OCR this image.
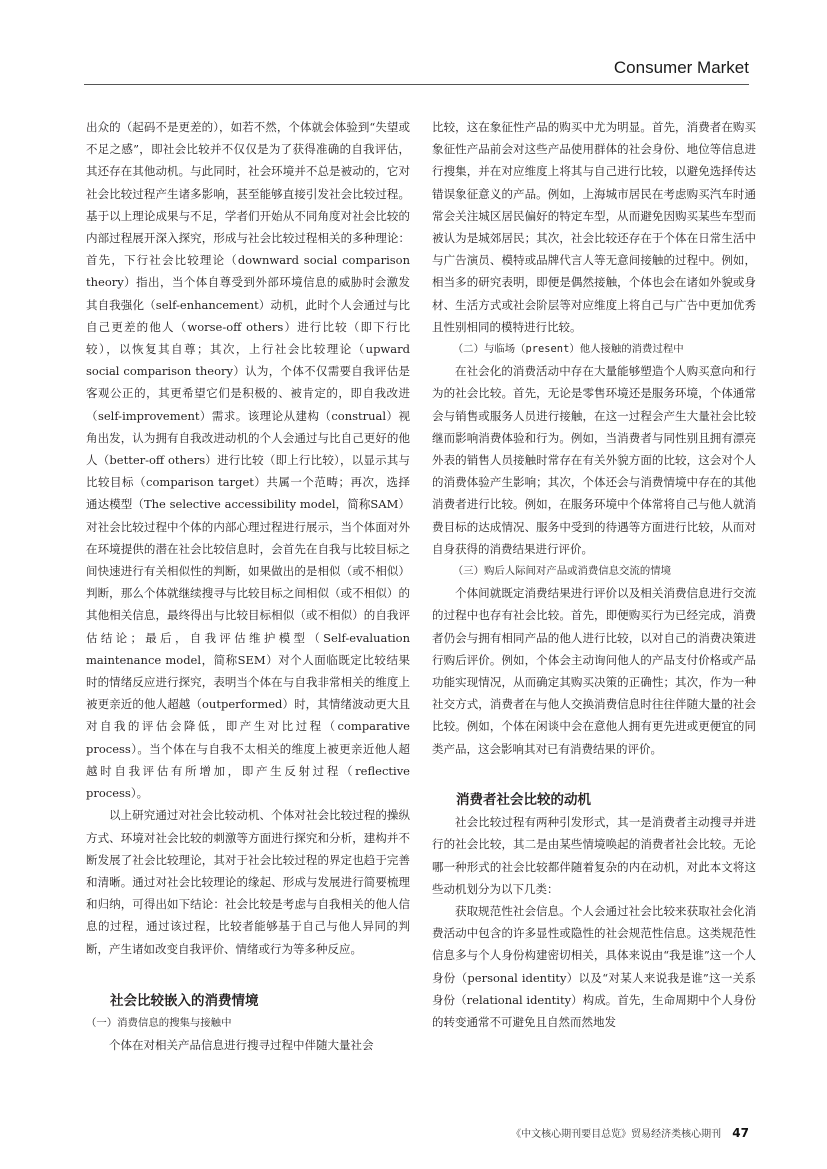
Consumer Market

出众的（起码不是更差的），如若不然，个体就会体验到“失望或不足之感”，即社会比较并不仅仅是为了获得准确的自我评估，其还存在其他动机。与此同时，社会环境并不总是被动的，它对社会比较过程产生诸多影响，甚至能够直接引发社会比较过程。基于以上理论成果与不足，学者们开始从不同角度对社会比较的内部过程展开深入探究，形成与社会比较过程相关的多种理论：首先，下行社会比较理论（downward social comparison theory）指出，当个体自尊受到外部环境信息的威胁时会激发其自我强化（self-enhancement）动机，此时个人会通过与比自己更差的他人（worse-off others）进行比较（即下行比较），以恢复其自尊；其次，上行社会比较理论（upward social comparison theory）认为，个体不仅需要自我评估是客观公正的，其更希望它们是积极的、被肯定的，即自我改进（self-improvement）需求。该理论从建构（construal）视角出发，认为拥有自我改进动机的个人会通过与比自己更好的他人（better-off others）进行比较（即上行比较），以显示其与比较目标（comparison target）共属一个范畴；再次，选择通达模型（The selective accessibility model，简称SAM）对社会比较过程中个体的内部心理过程进行展示，当个体面对外在环境提供的潜在社会比较信息时，会首先在自我与比较目标之间快速进行有关相似性的判断，如果做出的是相似（或不相似）判断，那么个体就继续搜寻与比较目标之间相似（或不相似）的其他相关信息，最终得出与比较目标相似（或不相似）的自我评估结论；最后，自我评估维护模型（Self-evaluation maintenance model，简称SEM）对个人面临既定比较结果时的情绪反应进行探究，表明当个体在与自我非常相关的维度上被更亲近的他人超越（outperformed）时，其情绪波动更大且对自我的评估会降低，即产生对比过程（comparative process）。当个体在与自我不太相关的维度上被更亲近他人超越时自我评估有所增加，即产生反射过程（reflective process）。

以上研究通过对社会比较动机、个体对社会比较过程的操纵方式、环境对社会比较的刺激等方面进行探究和分析，建构并不断发展了社会比较理论，其对于社会比较过程的界定也趋于完善和清晰。通过对社会比较理论的缘起、形成与发展进行简要梳理和归纳，可得出如下结论：社会比较是考虑与自我相关的他人信息的过程，通过该过程，比较者能够基于自己与他人异同的判断，产生诸如改变自我评价、情绪或行为等多种反应。

社会比较嵌入的消费情境

（一）消费信息的搜集与接触中

个体在对相关产品信息进行搜寻过程中伴随大量社会

比较，这在象征性产品的购买中尤为明显。首先，消费者在购买象征性产品前会对这些产品使用群体的社会身份、地位等信息进行搜集，并在对应维度上将其与自己进行比较，以避免选择传达错误象征意义的产品。例如，上海城市居民在考虑购买汽车时通常会关注城区居民偏好的特定车型，从而避免因购买某些车型而被认为是城郊居民；其次，社会比较还存在于个体在日常生活中与广告演员、模特或品牌代言人等无意间接触的过程中。例如，相当多的研究表明，即便是偶然接触，个体也会在诸如外貌或身材、生活方式或社会阶层等对应维度上将自己与广告中更加优秀且性别相同的模特进行比较。

（二）与临场（present）他人接触的消费过程中

在社会化的消费活动中存在大量能够塑造个人购买意向和行为的社会比较。首先，无论是零售环境还是服务环境，个体通常会与销售或服务人员进行接触，在这一过程会产生大量社会比较继而影响消费体验和行为。例如，当消费者与同性别且拥有漂亮外表的销售人员接触时常存在有关外貌方面的比较，这会对个人的消费体验产生影响；其次，个体还会与消费情境中存在的其他消费者进行比较。例如，在服务环境中个体常将自己与他人就消费目标的达成情况、服务中受到的待遇等方面进行比较，从而对自身获得的消费结果进行评价。

（三）购后人际间对产品或消费信息交流的情境

个体间就既定消费结果进行评价以及相关消费信息进行交流的过程中也存有社会比较。首先，即便购买行为已经完成，消费者仍会与拥有相同产品的他人进行比较，以对自己的消费决策进行购后评价。例如，个体会主动询问他人的产品支付价格或产品功能实现情况，从而确定其购买决策的正确性；其次，作为一种社交方式，消费者在与他人交换消费信息时往往伴随大量的社会比较。例如，个体在闲谈中会在意他人拥有更先进或更便宜的同类产品，这会影响其对已有消费结果的评价。

消费者社会比较的动机

社会比较过程有两种引发形式，其一是消费者主动搜寻并进行的社会比较，其二是由某些情境唤起的消费者社会比较。无论哪一种形式的社会比较都伴随着复杂的内在动机，对此本文将这些动机划分为以下几类：

获取规范性社会信息。个人会通过社会比较来获取社会化消费活动中包含的许多显性或隐性的社会规范性信息。这类规范性信息多与个人身份构建密切相关，具体来说由“我是谁”这一个人身份（personal identity）以及“对某人来说我是谁”这一关系身份（relational identity）构成。首先，生命周期中个人身份的转变通常不可避免且自然而然地发

《中文核心期刊要目总览》贸易经济类核心期刊 47
